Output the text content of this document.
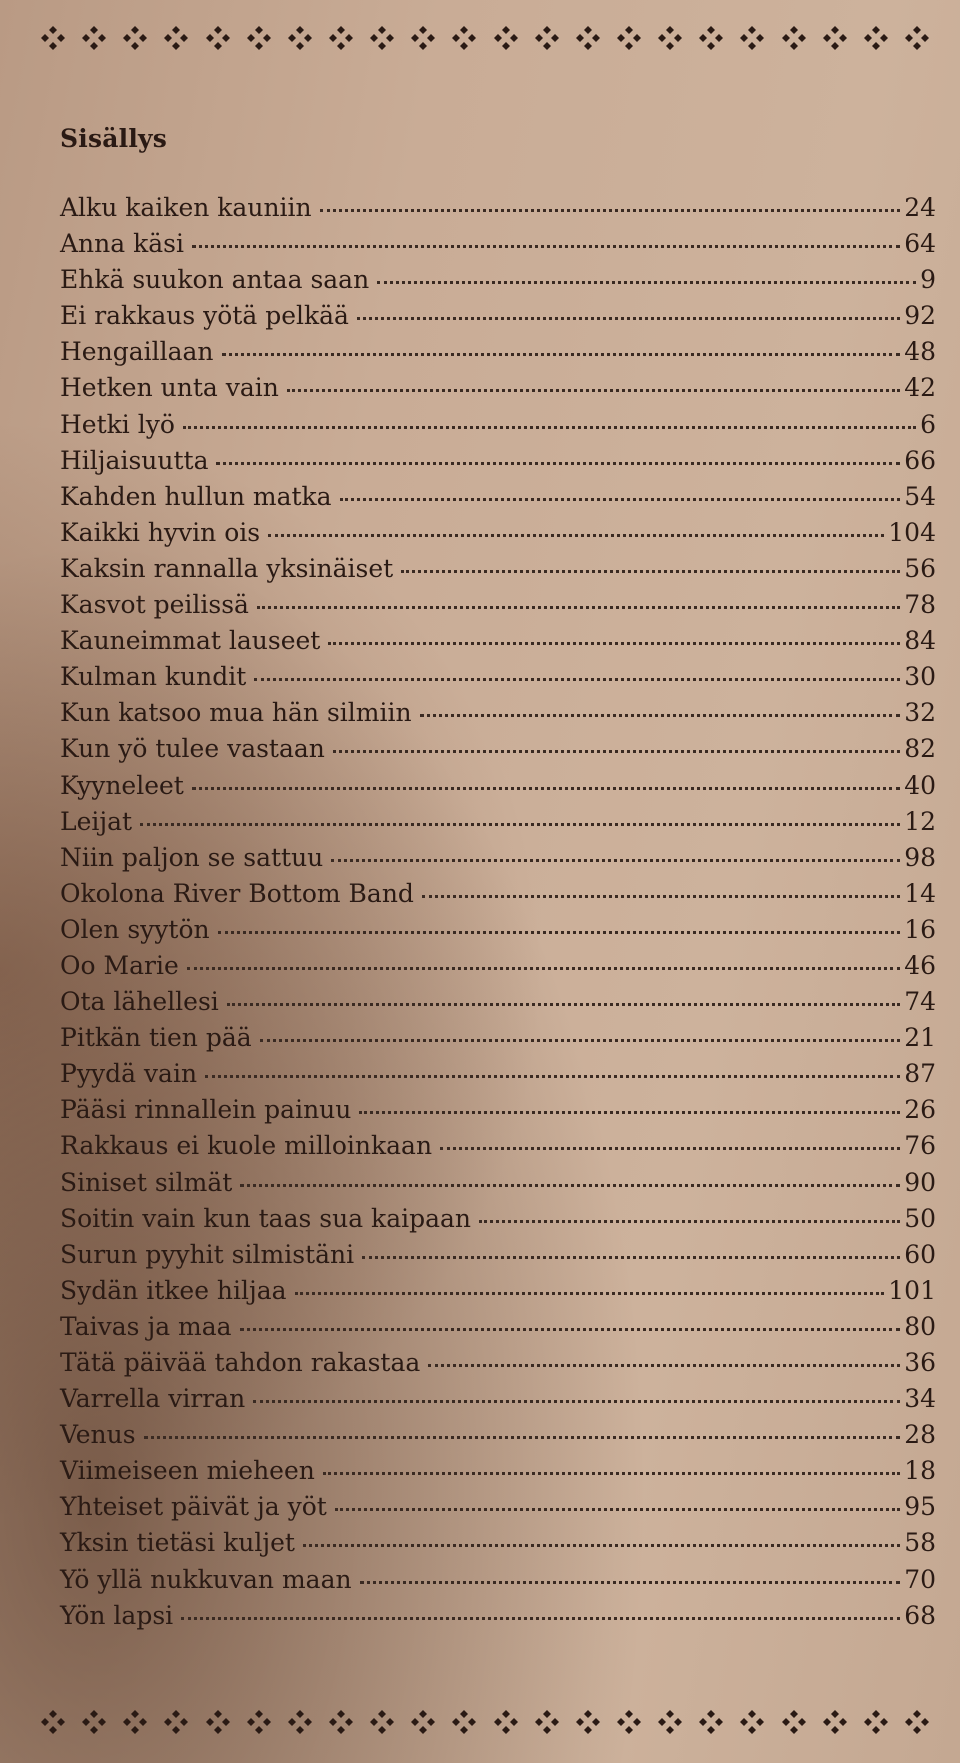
Sisällys
Alku kaiken kauniin	24
Anna käsi	64
Ehkä suukon antaa saan	9
Ei rakkaus yötä pelkää	92
Hengaillaan	48
Hetken unta vain	42
Hetki lyö	6
Hiljaisuutta	66
Kahden hullun matka	54
Kaikki hyvin ois	104
Kaksin rannalla yksinäiset	56
Kasvot peilissä	78
Kauneimmat lauseet	84
Kulman kundit	30
Kun katsoo mua hän silmiin	32
Kun yö tulee vastaan	82
Kyyneleet	40
Leijat	12
Niin paljon se sattuu	98
Okolona River Bottom Band	14
Olen syytön	16
Oo Marie	46
Ota lähellesi	74
Pitkän tien pää	21
Pyydä vain	87
Pääsi rinnallein painuu	26
Rakkaus ei kuole milloinkaan	76
Siniset silmät	90
Soitin vain kun taas sua kaipaan	50
Surun pyyhit silmistäni	60
Sydän itkee hiljaa	101
Taivas ja maa	80
Tätä päivää tahdon rakastaa	36
Varrella virran	34
Venus	28
Viimeiseen mieheen	18
Yhteiset päivät ja yöt	95
Yksin tietäsi kuljet	58
Yö yllä nukkuvan maan	70
Yön lapsi	68
